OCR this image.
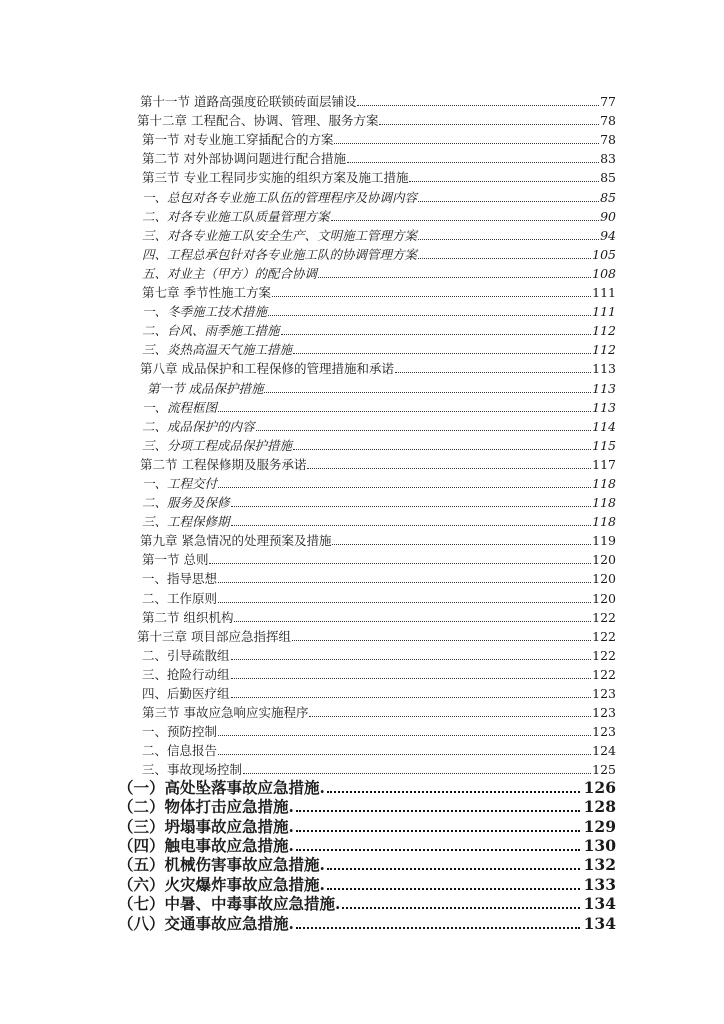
第十一节 道路高强度砼联锁砖面层铺设	77
第十二章 工程配合、协调、管理、服务方案	78
第一节 对专业施工穿插配合的方案	78
第二节 对外部协调问题进行配合措施	83
第三节 专业工程同步实施的组织方案及施工措施	85
一、总包对各专业施工队伍的管理程序及协调内容	85
二、对各专业施工队质量管理方案	90
三、对各专业施工队安全生产、文明施工管理方案	94
四、工程总承包针对各专业施工队的协调管理方案	105
五、对业主（甲方）的配合协调	108
第七章 季节性施工方案	111
一、冬季施工技术措施	111
二、台风、雨季施工措施	112
三、炎热高温天气施工措施	112
第八章 成品保护和工程保修的管理措施和承诺	113
第一节 成品保护措施	113
一、流程框图	113
二、成品保护的内容	114
三、分项工程成品保护措施	115
第二节 工程保修期及服务承诺	117
一、工程交付	118
二、服务及保修	118
三、工程保修期	118
第九章 紧急情况的处理预案及措施	119
第一节 总则	120
一、指导思想	120
二、工作原则	120
第二节 组织机构	122
第十三章 项目部应急指挥组	122
二、引导疏散组	122
三、抢险行动组	122
四、后勤医疗组	123
第三节 事故应急响应实施程序	123
一、预防控制	123
二、信息报告	124
三、事故现场控制	125
（一）高处坠落事故应急措施.	126
（二）物体打击应急措施.	128
（三）坍塌事故应急措施.	129
（四）触电事故应急措施.	130
（五）机械伤害事故应急措施.	132
（六）火灾爆炸事故应急措施.	133
（七）中暑、中毒事故应急措施.	134
（八）交通事故应急措施.	134
